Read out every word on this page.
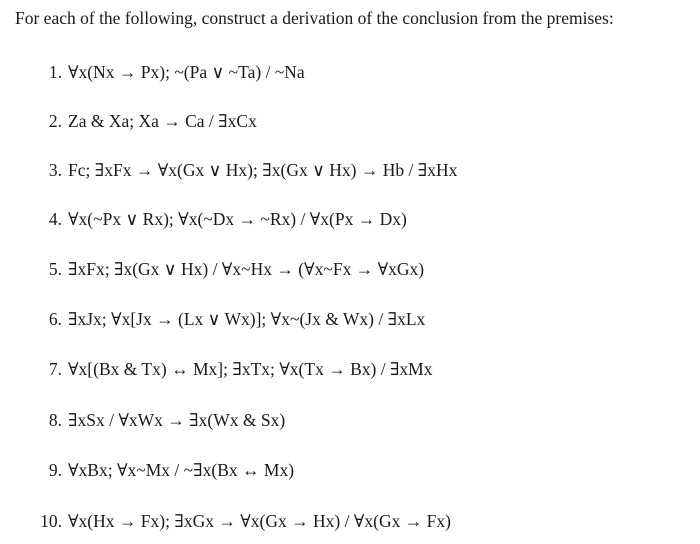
For each of the following, construct a derivation of the conclusion from the premises:
1. ∀x(Nx → Px); ~(Pa ∨ ~Ta) / ~Na
2. Za & Xa; Xa → Ca / ∃xCx
3. Fc; ∃xFx → ∀x(Gx ∨ Hx); ∃x(Gx ∨ Hx) → Hb / ∃xHx
4. ∀x(~Px ∨ Rx); ∀x(~Dx → ~Rx) / ∀x(Px → Dx)
5. ∃xFx; ∃x(Gx ∨ Hx) / ∀x~Hx → (∀x~Fx → ∀xGx)
6. ∃xJx; ∀x[Jx → (Lx ∨ Wx)]; ∀x~(Jx & Wx) / ∃xLx
7. ∀x[(Bx & Tx) ↔ Mx]; ∃xTx; ∀x(Tx → Bx) / ∃xMx
8. ∃xSx / ∀xWx → ∃x(Wx & Sx)
9. ∀xBx; ∀x~Mx / ~∃x(Bx ↔ Mx)
10. ∀x(Hx → Fx); ∃xGx → ∀x(Gx → Hx) / ∀x(Gx → Fx)
